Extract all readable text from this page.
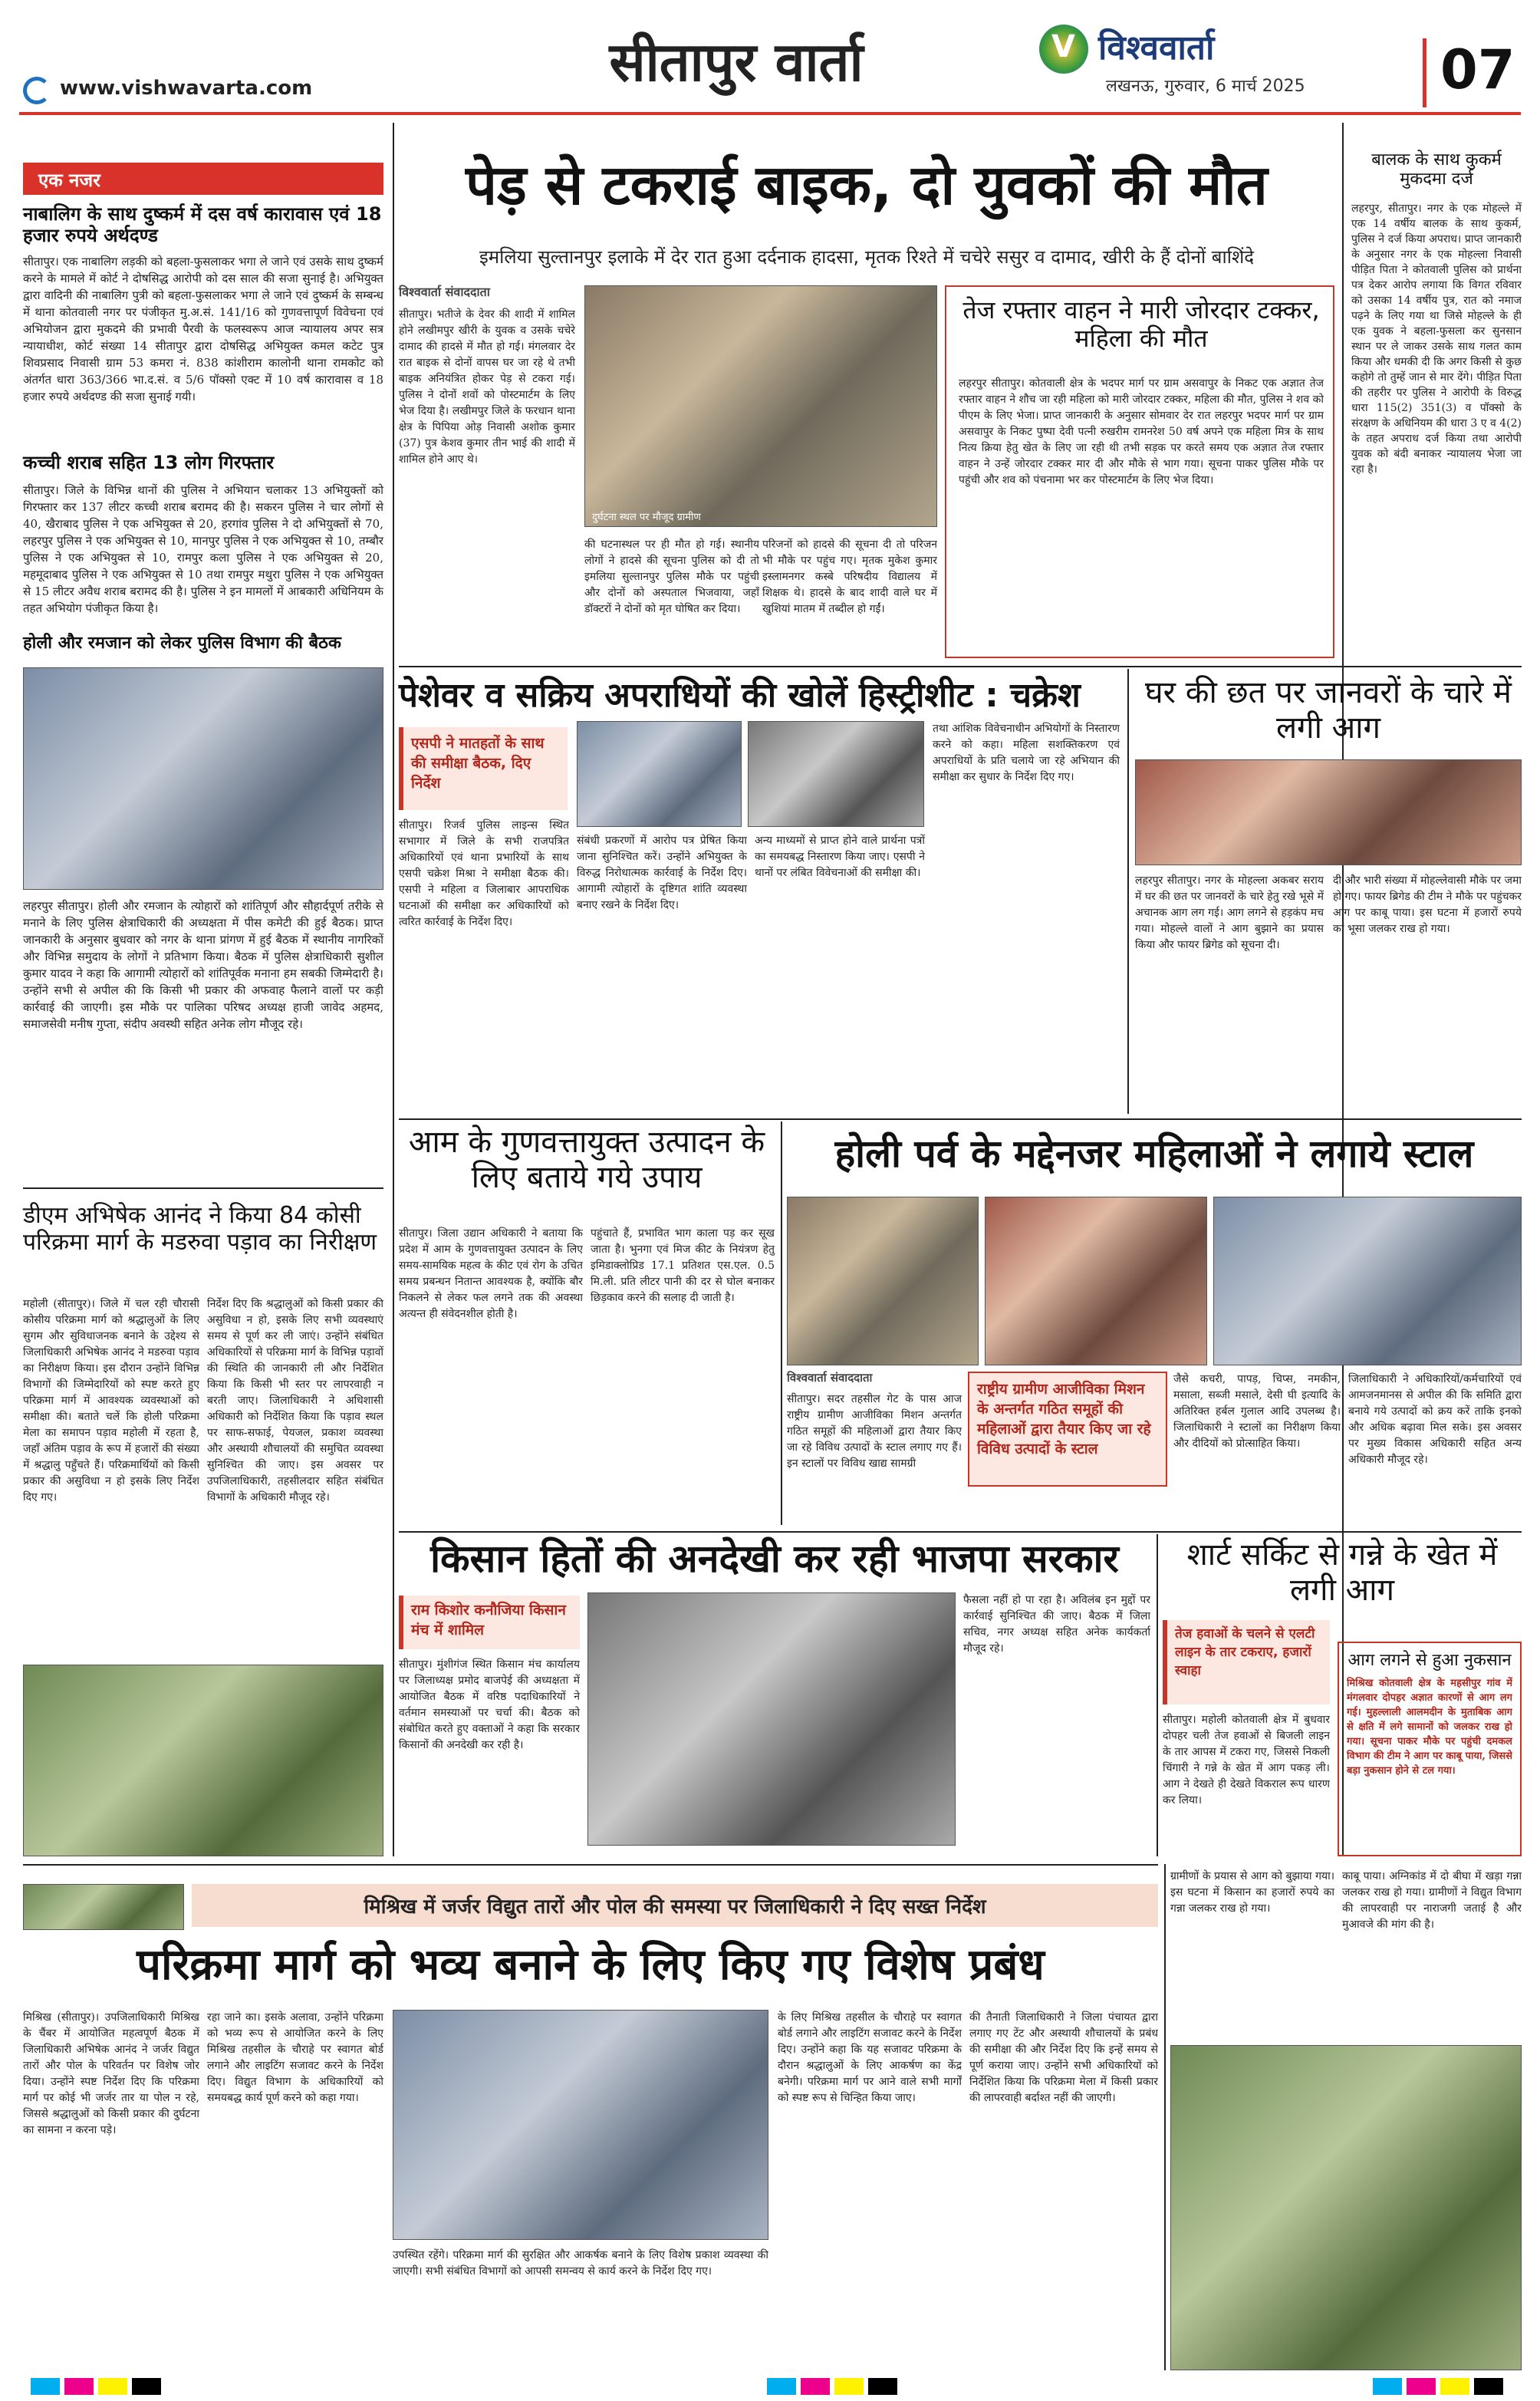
www.vishwavarta.com	सीतापुर वार्ता	V विश्ववार्ता
लखनऊ, गुरुवार, 6 मार्च 2025	07
एक नजर
नाबालिग के साथ दुष्कर्म में दस वर्ष कारावास एवं 18 हजार रुपये अर्थदण्ड
सीतापुर। एक नाबालिग लड़की को बहला-फुसलाकर भगा ले जाने एवं उसके साथ दुष्कर्म करने के मामले में कोर्ट ने दोषसिद्ध आरोपी को दस साल की सजा सुनाई है। अभियुक्त द्वारा वादिनी की नाबालिग पुत्री को बहला-फुसलाकर भगा ले जाने एवं दुष्कर्म के सम्बन्ध में थाना कोतवाली नगर पर पंजीकृत मु.अ.सं. 141/16 को गुणवत्तापूर्ण विवेचना एवं अभियोजन द्वारा मुकदमे की प्रभावी पैरवी के फलस्वरूप आज न्यायालय अपर सत्र न्यायाधीश, कोर्ट संख्या 14 सीतापुर द्वारा दोषसिद्ध अभियुक्त कमल कटेट पुत्र शिवप्रसाद निवासी ग्राम 53 कमरा नं. 838 कांशीराम कालोनी थाना रामकोट को अंतर्गत धारा 363/366 भा.द.सं. व 5/6 पॉक्सो एक्ट में 10 वर्ष कारावास व 18 हजार रुपये अर्थदण्ड की सजा सुनाई गयी।
कच्ची शराब सहित 13 लोग गिरफ्तार
सीतापुर। जिले के विभिन्न थानों की पुलिस ने अभियान चलाकर 13 अभियुक्तों को गिरफ्तार कर 137 लीटर कच्ची शराब बरामद की है। सकरन पुलिस ने चार लोगों से 40, खैराबाद पुलिस ने एक अभियुक्त से 20, हरगांव पुलिस ने दो अभियुक्तों से 70, लहरपुर पुलिस ने एक अभियुक्त से 10, मानपुर पुलिस ने एक अभियुक्त से 10, तम्बौर पुलिस ने एक अभियुक्त से 10, रामपुर कला पुलिस ने एक अभियुक्त से 20, महमूदाबाद पुलिस ने एक अभियुक्त से 10 तथा रामपुर मथुरा पुलिस ने एक अभियुक्त से 15 लीटर अवैध शराब बरामद की है। पुलिस ने इन मामलों में आबकारी अधिनियम के तहत अभियोग पंजीकृत किया है।
होली और रमजान को लेकर पुलिस विभाग की बैठक
लहरपुर सीतापुर। होली और रमजान के त्योहारों को शांतिपूर्ण और सौहार्दपूर्ण तरीके से मनाने के लिए पुलिस क्षेत्राधिकारी की अध्यक्षता में पीस कमेटी की हुई बैठक। प्राप्त जानकारी के अनुसार बुधवार को नगर के थाना प्रांगण में हुई बैठक में स्थानीय नागरिकों और विभिन्न समुदाय के लोगों ने प्रतिभाग किया। बैठक में पुलिस क्षेत्राधिकारी सुशील कुमार यादव ने कहा कि आगामी त्योहारों को शांतिपूर्वक मनाना हम सबकी जिम्मेदारी है। उन्होंने सभी से अपील की कि किसी भी प्रकार की अफवाह फैलाने वालों पर कड़ी कार्रवाई की जाएगी। इस मौके पर पालिका परिषद अध्यक्ष हाजी जावेद अहमद, समाजसेवी मनीष गुप्ता, संदीप अवस्थी सहित अनेक लोग मौजूद रहे।
डीएम अभिषेक आनंद ने किया 84 कोसी परिक्रमा मार्ग के मडरुवा पड़ाव का निरीक्षण
महोली (सीतापुर)। जिले में चल रही चौरासी कोसीय परिक्रमा मार्ग को श्रद्धालुओं के लिए सुगम और सुविधाजनक बनाने के उद्देश्य से जिलाधिकारी अभिषेक आनंद ने मडरुवा पड़ाव का निरीक्षण किया। इस दौरान उन्होंने विभिन्न विभागों की जिम्मेदारियों को स्पष्ट करते हुए परिक्रमा मार्ग में आवश्यक व्यवस्थाओं को समीक्षा की। बताते चलें कि होली परिक्रमा मेला का समापन पड़ाव महोली में रहता है, जहाँ अंतिम पड़ाव के रूप में हजारों की संख्या में श्रद्धालु पहुँचते हैं। परिक्रमार्थियों को किसी प्रकार की असुविधा न हो इसके लिए निर्देश दिए गए।
निर्देश दिए कि श्रद्धालुओं को किसी प्रकार की असुविधा न हो, इसके लिए सभी व्यवस्थाएं समय से पूर्ण कर ली जाएं। उन्होंने संबंधित अधिकारियों से परिक्रमा मार्ग के विभिन्न पड़ावों की स्थिति की जानकारी ली और निर्देशित किया कि किसी भी स्तर पर लापरवाही न बरती जाए। जिलाधिकारी ने अधिशासी अधिकारी को निर्देशित किया कि पड़ाव स्थल पर साफ-सफाई, पेयजल, प्रकाश व्यवस्था और अस्थायी शौचालयों की समुचित व्यवस्था सुनिश्चित की जाए। इस अवसर पर उपजिलाधिकारी, तहसीलदार सहित संबंधित विभागों के अधिकारी मौजूद रहे।
पेड़ से टकराई बाइक, दो युवकों की मौत
इमलिया सुल्तानपुर इलाके में देर रात हुआ दर्दनाक हादसा, मृतक रिश्ते में चचेरे ससुर व दामाद, खीरी के हैं दोनों बाशिंदे
विश्ववार्ता संवाददाता
सीतापुर। भतीजे के देवर की शादी में शामिल होने लखीमपुर खीरी के युवक व उसके चचेरे दामाद की हादसे में मौत हो गई। मंगलवार देर रात बाइक से दोनों वापस घर जा रहे थे तभी बाइक अनियंत्रित होकर पेड़ से टकरा गई। पुलिस ने दोनों शवों को पोस्टमार्टम के लिए भेज दिया है। लखीमपुर जिले के फरधान थाना क्षेत्र के पिपिया ओड़ निवासी अशोक कुमार (37) पुत्र केशव कुमार तीन भाई की शादी में शामिल होने आए थे।
दुर्घटना स्थल पर मौजूद ग्रामीण
की घटनास्थल पर ही मौत हो गई। स्थानीय लोगों ने हादसे की सूचना पुलिस को दी तो इमलिया सुल्तानपुर पुलिस मौके पर पहुंची और दोनों को अस्पताल भिजवाया, जहाँ डॉक्टरों ने दोनों को मृत घोषित कर दिया।
परिजनों को हादसे की सूचना दी तो परिजन भी मौके पर पहुंच गए। मृतक मुकेश कुमार इस्लामनगर कस्बे परिषदीय विद्यालय में शिक्षक थे। हादसे के बाद शादी वाले घर में खुशियां मातम में तब्दील हो गईं।
तेज रफ्तार वाहन ने मारी जोरदार टक्कर, महिला की मौत
लहरपुर सीतापुर। कोतवाली क्षेत्र के भदपर मार्ग पर ग्राम असवापुर के निकट एक अज्ञात तेज रफ्तार वाहन ने शौच जा रही महिला को मारी जोरदार टक्कर, महिला की मौत, पुलिस ने शव को पीएम के लिए भेजा। प्राप्त जानकारी के अनुसार सोमवार देर रात लहरपुर भदपर मार्ग पर ग्राम असवापुर के निकट पुष्पा देवी पत्नी रुखरीम रामनरेश 50 वर्ष अपने एक महिला मित्र के साथ नित्य क्रिया हेतु खेत के लिए जा रही थी तभी सड़क पर करते समय एक अज्ञात तेज रफ्तार वाहन ने उन्हें जोरदार टक्कर मार दी और मौके से भाग गया। सूचना पाकर पुलिस मौके पर पहुंची और शव को पंचनामा भर कर पोस्टमार्टम के लिए भेज दिया।
बालक के साथ कुकर्म मुकदमा दर्ज
लहरपुर, सीतापुर। नगर के एक मोहल्ले में एक 14 वर्षीय बालक के साथ कुकर्म, पुलिस ने दर्ज किया अपराध। प्राप्त जानकारी के अनुसार नगर के एक मोहल्ला निवासी पीड़ित पिता ने कोतवाली पुलिस को प्रार्थना पत्र देकर आरोप लगाया कि विगत रविवार को उसका 14 वर्षीय पुत्र, रात को नमाज पढ़ने के लिए गया था जिसे मोहल्ले के ही एक युवक ने बहला-फुसला कर सुनसान स्थान पर ले जाकर उसके साथ गलत काम किया और धमकी दी कि अगर किसी से कुछ कहोगे तो तुम्हें जान से मार देंगे। पीड़ित पिता की तहरीर पर पुलिस ने आरोपी के विरुद्ध धारा 115(2) 351(3) व पॉक्सो के संरक्षण के अधिनियम की धारा 3 ए व 4(2) के तहत अपराध दर्ज किया तथा आरोपी युवक को बंदी बनाकर न्यायालय भेजा जा रहा है।
पेशेवर व सक्रिय अपराधियों की खोलें हिस्ट्रीशीट : चक्रेश
एसपी ने मातहतों के साथ की समीक्षा बैठक, दिए निर्देश
सीतापुर। रिजर्व पुलिस लाइन्स स्थित सभागार में जिले के सभी राजपत्रित अधिकारियों एवं थाना प्रभारियों के साथ एसपी चक्रेश मिश्रा ने समीक्षा बैठक की। एसपी ने महिला व जिलाबार आपराधिक घटनाओं की समीक्षा कर अधिकारियों को त्वरित कार्रवाई के निर्देश दिए।
संबंधी प्रकरणों में आरोप पत्र प्रेषित किया जाना सुनिश्चित करें। उन्होंने अभियुक्त के विरुद्ध निरोधात्मक कार्रवाई के निर्देश दिए। आगामी त्योहारों के दृष्टिगत शांति व्यवस्था बनाए रखने के निर्देश दिए।
अन्य माध्यमों से प्राप्त होने वाले प्रार्थना पत्रों का समयबद्ध निस्तारण किया जाए। एसपी ने थानों पर लंबित विवेचनाओं की समीक्षा की।
तथा आंशिक विवेचनाधीन अभियोगों के निस्तारण करने को कहा। महिला सशक्तिकरण एवं अपराधियों के प्रति चलाये जा रहे अभियान की समीक्षा कर सुधार के निर्देश दिए गए।
घर की छत पर जानवरों के चारे में लगी आग
लहरपुर सीतापुर। नगर के मोहल्ला अकबर सराय में घर की छत पर जानवरों के चारे हेतु रखे भूसे में अचानक आग लग गई। आग लगने से हड़कंप मच गया। मोहल्ले वालों ने आग बुझाने का प्रयास किया और फायर ब्रिगेड को सूचना दी।
दी और भारी संख्या में मोहल्लेवासी मौके पर जमा हो गए। फायर ब्रिगेड की टीम ने मौके पर पहुंचकर आग पर काबू पाया। इस घटना में हजारों रुपये का भूसा जलकर राख हो गया।
आम के गुणवत्तायुक्त उत्पादन के लिए बताये गये उपाय
सीतापुर। जिला उद्यान अधिकारी ने बताया कि प्रदेश में आम के गुणवत्तायुक्त उत्पादन के लिए समय-सामयिक महत्व के कीट एवं रोग के उचित समय प्रबन्धन नितान्त आवश्यक है, क्योंकि बौर निकलने से लेकर फल लगने तक की अवस्था अत्यन्त ही संवेदनशील होती है।
पहुंचाते हैं, प्रभावित भाग काला पड़ कर सूख जाता है। भुनगा एवं मिज कीट के नियंत्रण हेतु इमिडाक्लोप्रिड 17.1 प्रतिशत एस.एल. 0.5 मि.ली. प्रति लीटर पानी की दर से घोल बनाकर छिड़काव करने की सलाह दी जाती है।
होली पर्व के मद्देनजर महिलाओं ने लगाये स्टाल
विश्ववार्ता संवाददाता
राष्ट्रीय ग्रामीण आजीविका मिशन के अन्तर्गत गठित समूहों की महिलाओं द्वारा तैयार किए जा रहे विविध उत्पादों के स्टाल
सीतापुर। सदर तहसील गेट के पास आज राष्ट्रीय ग्रामीण आजीविका मिशन अन्तर्गत गठित समूहों की महिलाओं द्वारा तैयार किए जा रहे विविध उत्पादों के स्टाल लगाए गए हैं। इन स्टालों पर विविध खाद्य सामग्री
जैसे कचरी, पापड़, चिप्स, नमकीन, मसाला, सब्जी मसाले, देसी घी इत्यादि के अतिरिक्त हर्बल गुलाल आदि उपलब्ध है। जिलाधिकारी ने स्टालों का निरीक्षण किया और दीदियों को प्रोत्साहित किया।
जिलाधिकारी ने अधिकारियों/कर्मचारियों एवं आमजनमानस से अपील की कि समिति द्वारा बनाये गये उत्पादों को क्रय करें ताकि इनको और अधिक बढ़ावा मिल सके। इस अवसर पर मुख्य विकास अधिकारी सहित अन्य अधिकारी मौजूद रहे।
किसान हितों की अनदेखी कर रही भाजपा सरकार
राम किशोर कनौजिया किसान मंच में शामिल
सीतापुर। मुंशीगंज स्थित किसान मंच कार्यालय पर जिलाध्यक्ष प्रमोद बाजपेई की अध्यक्षता में आयोजित बैठक में वरिष्ठ पदाधिकारियों ने वर्तमान समस्याओं पर चर्चा की। बैठक को संबोधित करते हुए वक्ताओं ने कहा कि सरकार किसानों की अनदेखी कर रही है।
फैसला नहीं हो पा रहा है। अविलंब इन मुद्दों पर कार्रवाई सुनिश्चित की जाए। बैठक में जिला सचिव, नगर अध्यक्ष सहित अनेक कार्यकर्ता मौजूद रहे।
शार्ट सर्किट से गन्ने के खेत में लगी आग
तेज हवाओं के चलने से एलटी लाइन के तार टकराए, हजारों स्वाहा
आग लगने से हुआ नुकसान
मिश्रिख कोतवाली क्षेत्र के महसीपुर गांव में मंगलवार दोपहर अज्ञात कारणों से आग लग गई। मुहल्लाली आलमदीन के मुताबिक आग से क्षति में लगे सामानों को जलकर राख हो गया। सूचना पाकर मौके पर पहुंची दमकल विभाग की टीम ने आग पर काबू पाया, जिससे बड़ा नुकसान होने से टल गया।
सीतापुर। महोली कोतवाली क्षेत्र में बुधवार दोपहर चली तेज हवाओं से बिजली लाइन के तार आपस में टकरा गए, जिससे निकली चिंगारी ने गन्ने के खेत में आग पकड़ ली। आग ने देखते ही देखते विकराल रूप धारण कर लिया।
मिश्रिख में जर्जर विद्युत तारों और पोल की समस्या पर जिलाधिकारी ने दिए सख्त निर्देश
परिक्रमा मार्ग को भव्य बनाने के लिए किए गए विशेष प्रबंध
मिश्रिख (सीतापुर)। उपजिलाधिकारी मिश्रिख के चैंबर में आयोजित महत्वपूर्ण बैठक में जिलाधिकारी अभिषेक आनंद ने जर्जर विद्युत तारों और पोल के परिवर्तन पर विशेष जोर दिया। उन्होंने स्पष्ट निर्देश दिए कि परिक्रमा मार्ग पर कोई भी जर्जर तार या पोल न रहे, जिससे श्रद्धालुओं को किसी प्रकार की दुर्घटना का सामना न करना पड़े।
रहा जाने का। इसके अलावा, उन्होंने परिक्रमा को भव्य रूप से आयोजित करने के लिए मिश्रिख तहसील के चौराहे पर स्वागत बोर्ड लगाने और लाइटिंग सजावट करने के निर्देश दिए। विद्युत विभाग के अधिकारियों को समयबद्ध कार्य पूर्ण करने को कहा गया।
उपस्थित रहेंगे। परिक्रमा मार्ग की सुरक्षित और आकर्षक बनाने के लिए विशेष प्रकाश व्यवस्था की जाएगी। सभी संबंधित विभागों को आपसी समन्वय से कार्य करने के निर्देश दिए गए।
के लिए मिश्रिख तहसील के चौराहे पर स्वागत बोर्ड लगाने और लाइटिंग सजावट करने के निर्देश दिए। उन्होंने कहा कि यह सजावट परिक्रमा के दौरान श्रद्धालुओं के लिए आकर्षण का केंद्र बनेगी। परिक्रमा मार्ग पर आने वाले सभी मार्गों को स्पष्ट रूप से चिन्हित किया जाए।
की तैनाती जिलाधिकारी ने जिला पंचायत द्वारा लगाए गए टेंट और अस्थायी शौचालयों के प्रबंध की समीक्षा की और निर्देश दिए कि इन्हें समय से पूर्ण कराया जाए। उन्होंने सभी अधिकारियों को निर्देशित किया कि परिक्रमा मेला में किसी प्रकार की लापरवाही बर्दाश्त नहीं की जाएगी।
ग्रामीणों के प्रयास से आग को बुझाया गया। इस घटना में किसान का हजारों रुपये का गन्ना जलकर राख हो गया।
काबू पाया। अग्निकांड में दो बीघा में खड़ा गन्ना जलकर राख हो गया। ग्रामीणों ने विद्युत विभाग की लापरवाही पर नाराजगी जताई है और मुआवजे की मांग की है।
